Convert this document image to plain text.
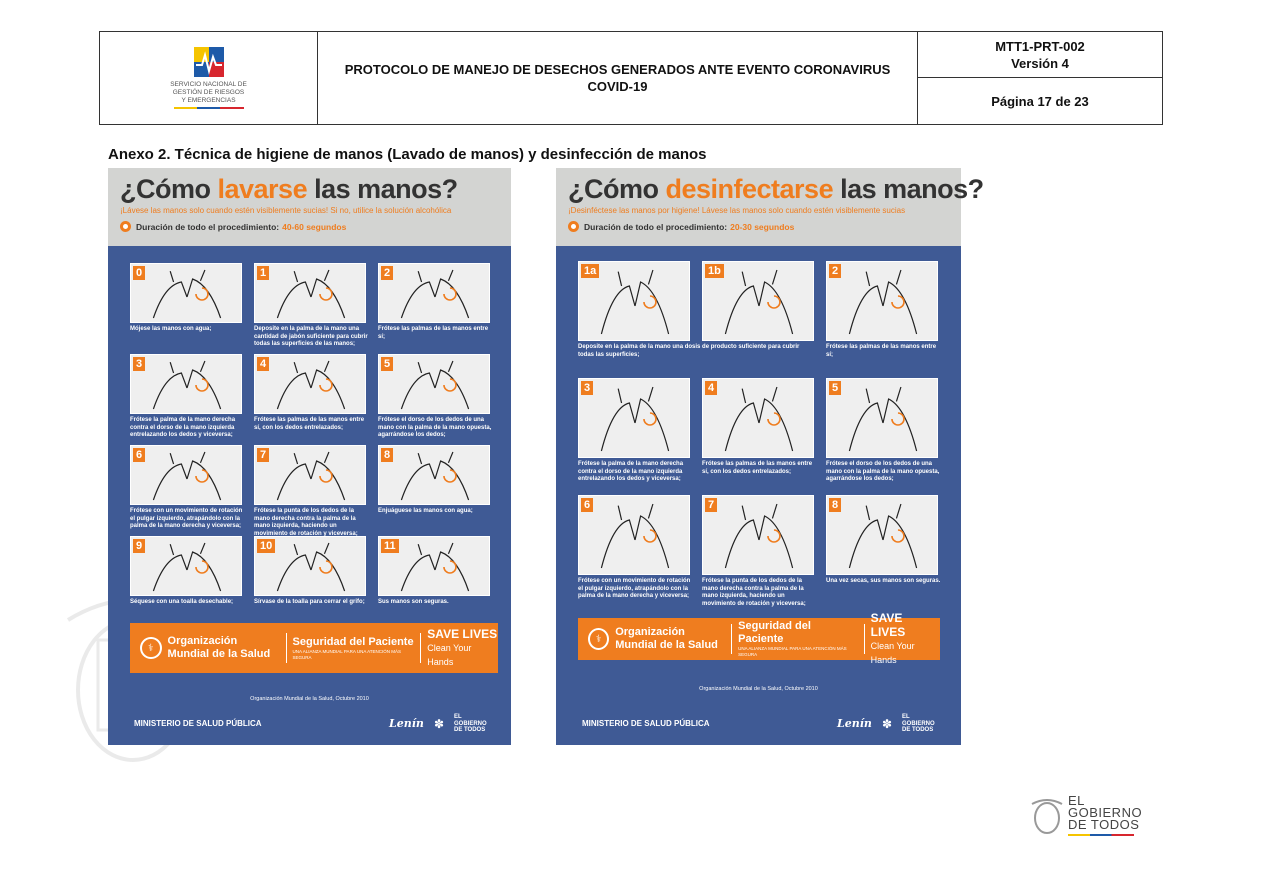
SERVICIO NACIONAL DE
GESTIÓN DE RIESGOS
Y EMERGENCIAS
PROTOCOLO DE MANEJO DE DESECHOS GENERADOS ANTE EVENTO CORONAVIRUS
COVID-19
MTT1-PRT-002
Versión 4
Página 17 de 23
Anexo 2. Técnica de higiene de manos (Lavado de manos) y desinfección de manos
¿Cómo lavarse las manos?
¡Lávese las manos solo cuando estén visiblemente sucias! Si no, utilice la solución alcohólica
Duración de todo el procedimiento: 40-60 segundos
0
Mójese las manos con agua;
1
Deposite en la palma de la mano una cantidad de jabón suficiente para cubrir todas las superficies de las manos;
2
Frótese las palmas de las manos entre sí;
3
Frótese la palma de la mano derecha contra el dorso de la mano izquierda entrelazando los dedos y viceversa;
4
Frótese las palmas de las manos entre sí, con los dedos entrelazados;
5
Frótese el dorso de los dedos de una mano con la palma de la mano opuesta, agarrándose los dedos;
6
Frótese con un movimiento de rotación el pulgar izquierdo, atrapándolo con la palma de la mano derecha y viceversa;
7
Frótese la punta de los dedos de la mano derecha contra la palma de la mano izquierda, haciendo un movimiento de rotación y viceversa;
8
Enjuáguese las manos con agua;
9
Séquese con una toalla desechable;
10
Sírvase de la toalla para cerrar el grifo;
11
Sus manos son seguras.
⚕
Organización Mundial de la Salud
Seguridad del Paciente
UNA ALIANZA MUNDIAL PARA UNA ATENCIÓN MÁS SEGURA
SAVE LIVES
Clean Your Hands
Organización Mundial de la Salud, Octubre 2010
MINISTERIO DE SALUD PÚBLICA	Lenín ✽ EL GOBIERNO DE TODOS
¿Cómo desinfectarse las manos?
¡Desinféctese las manos por higiene! Lávese las manos solo cuando estén visiblemente sucias
Duración de todo el procedimiento: 20-30 segundos
1a
Deposite en la palma de la mano una dosis de producto suficiente para cubrir todas las superficies;
1b	2
Frótese las palmas de las manos entre sí;
3
Frótese la palma de la mano derecha contra el dorso de la mano izquierda entrelazando los dedos y viceversa;
4
Frótese las palmas de las manos entre sí, con los dedos entrelazados;
5
Frótese el dorso de los dedos de una mano con la palma de la mano opuesta, agarrándose los dedos;
6
Frótese con un movimiento de rotación el pulgar izquierdo, atrapándolo con la palma de la mano derecha y viceversa;
7
Frótese la punta de los dedos de la mano derecha contra la palma de la mano izquierda, haciendo un movimiento de rotación y viceversa;
8
Una vez secas, sus manos son seguras.
⚕
Organización Mundial de la Salud
Seguridad del Paciente
UNA ALIANZA MUNDIAL PARA UNA ATENCIÓN MÁS SEGURA
SAVE LIVES
Clean Your Hands
Organización Mundial de la Salud, Octubre 2010
MINISTERIO DE SALUD PÚBLICA	Lenín ✽ EL GOBIERNO DE TODOS
EL
GOBIERNO
DE TODOS
